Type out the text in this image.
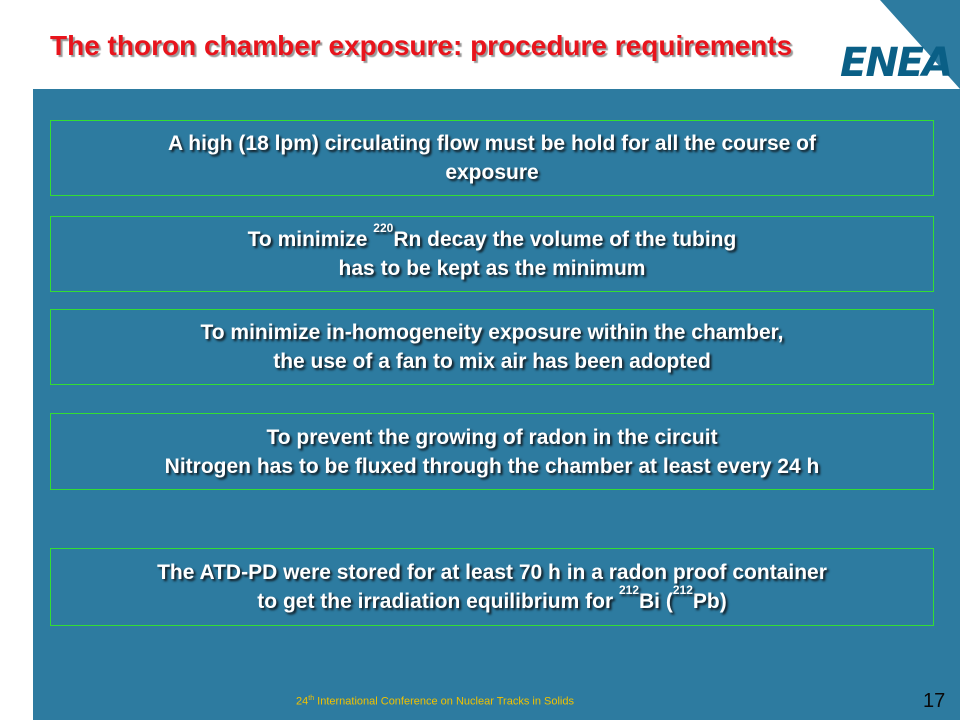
The thoron chamber exposure: procedure requirements ENEA
A high (18 lpm) circulating flow must be hold for all the course of
exposure
To minimize $^{220}$Rn decay the volume of the tubing
has to be kept as the minimum
To minimize in-homogeneity exposure within the chamber,
the use of a fan to mix air has been adopted
To prevent the growing of radon in the circuit
Nitrogen has to be fluxed through the chamber at least every 24 h
The ATD-PD were stored for at least 70 h in a radon proof container
to get the irradiation equilibrium for $^{212}$Bi ($^{212}$Pb)
24th International Conference on Nuclear Tracks in Solids	17
